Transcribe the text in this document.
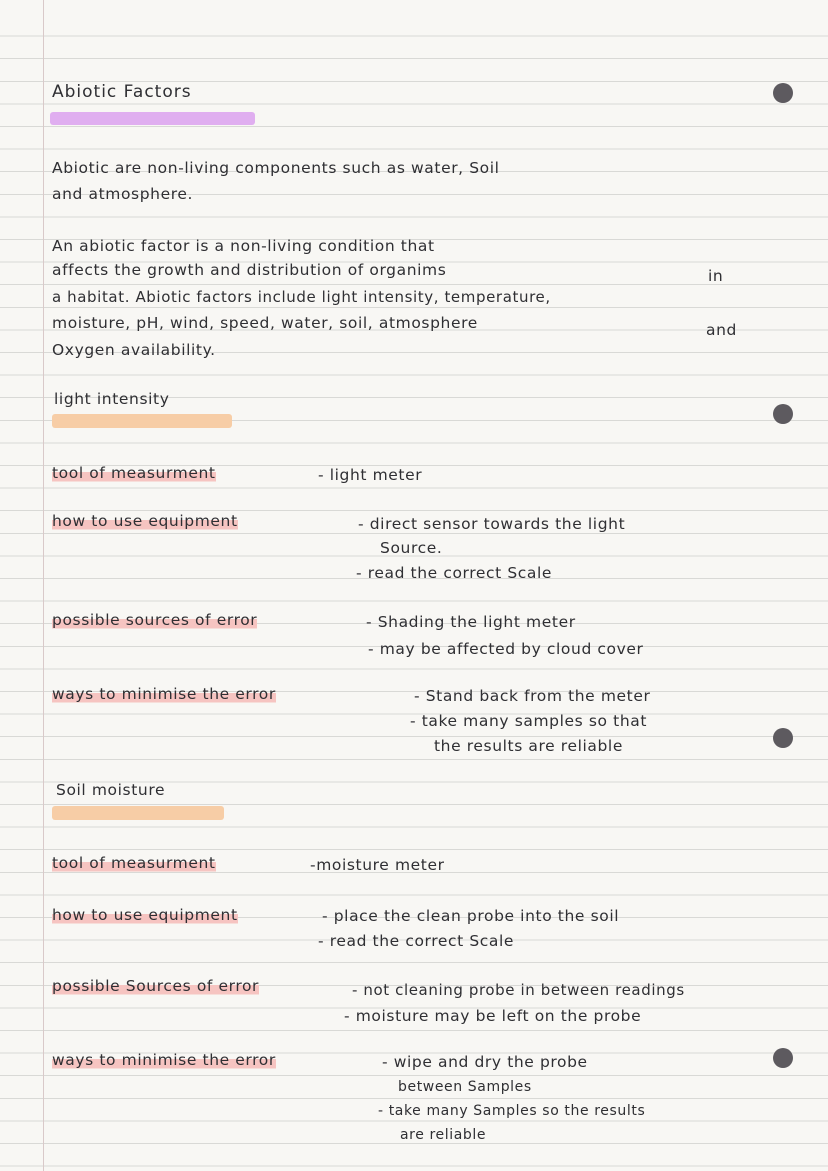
Abiotic Factors
Abiotic are non-living components such as water, Soil
and atmosphere.
An abiotic factor is a non-living condition that
affects the growth and distribution of organims	in
a habitat. Abiotic factors include light intensity, temperature,
moisture, pH, wind, speed, water, soil, atmosphere	and
Oxygen availability.
light intensity
tool of measurment	- light meter
how to use equipment	- direct sensor towards the light
Source.
- read the correct Scale
possible sources of error	- Shading the light meter
- may be affected by cloud cover
ways to minimise the error	- Stand back from the meter
- take many samples so that
the results are reliable
Soil moisture
tool of measurment	-moisture meter
how to use equipment	- place the clean probe into the soil
- read the correct Scale
possible Sources of error	- not cleaning probe in between readings
- moisture may be left on the probe
ways to minimise the error	- wipe and dry the probe
between Samples
- take many Samples so the results
are reliable
